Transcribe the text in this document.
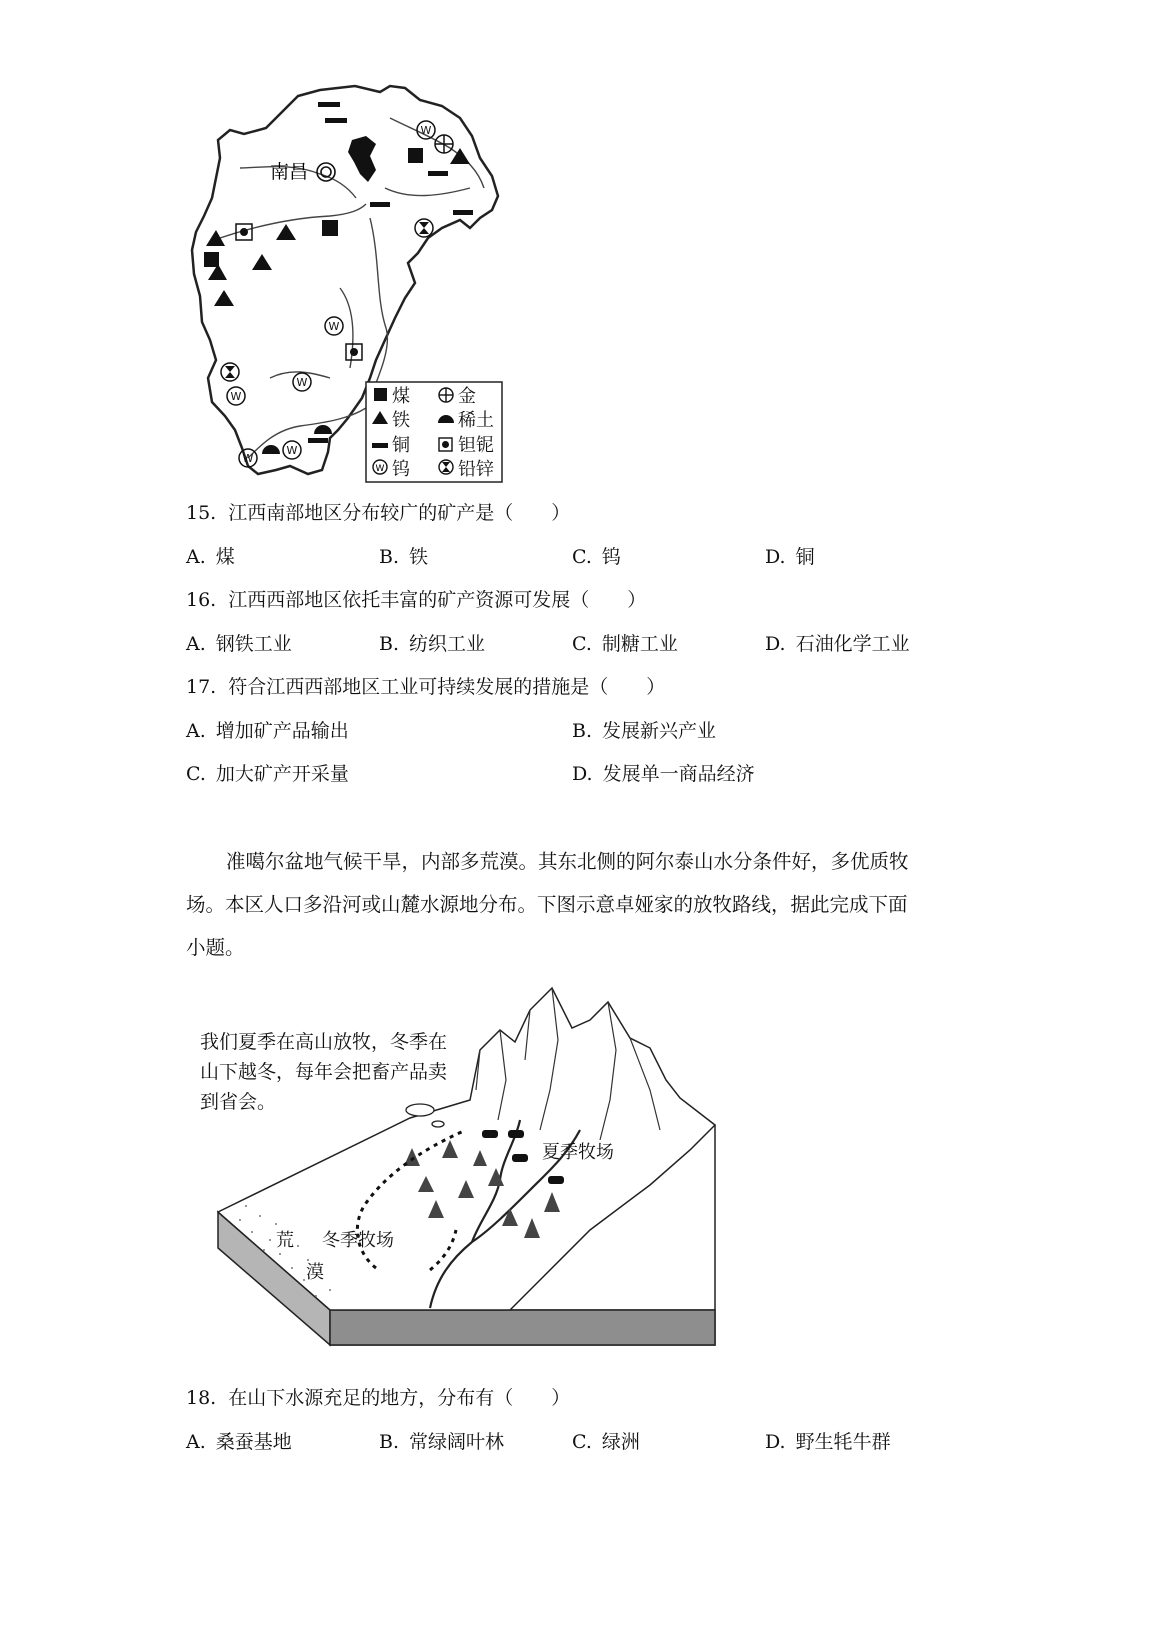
南昌
W
W
W
W
W
W
W
煤	金
铁	稀土
铜	钽铌
钨	铅锌
15. 江西南部地区分布较广的矿产是（　　）
A. 煤	B. 铁	C. 钨	D. 铜
16. 江西西部地区依托丰富的矿产资源可发展（　　）
A. 钢铁工业	B. 纺织工业	C. 制糖工业	D. 石油化学工业
17. 符合江西西部地区工业可持续发展的措施是（　　）
A. 增加矿产品输出	B. 发展新兴产业
C. 加大矿产开采量	D. 发展单一商品经济
准噶尔盆地气候干旱，内部多荒漠。其东北侧的阿尔泰山水分条件好，多优质牧
场。本区人口多沿河或山麓水源地分布。下图示意卓娅家的放牧路线，据此完成下面
小题。
我们夏季在高山放牧，冬季在
山下越冬，每年会把畜产品卖
到省会。
夏季牧场
冬季牧场
荒
漠
18. 在山下水源充足的地方，分布有（　　）
A. 桑蚕基地	B. 常绿阔叶林	C. 绿洲	D. 野生牦牛群
